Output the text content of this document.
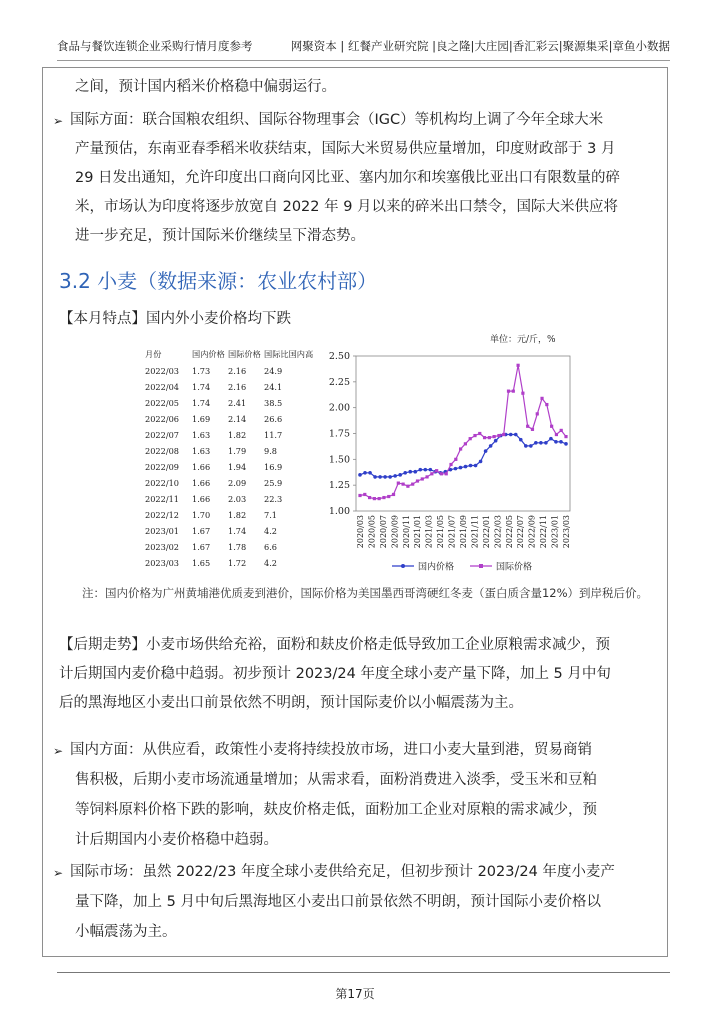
食品与餐饮连锁企业采购行情月度参考	网聚资本 | 红餐产业研究院 |良之隆|大庄园|香汇彩云|聚源集采|章鱼小数据
之间，预计国内稻米价格稳中偏弱运行。
➢ 国际方面：联合国粮农组织、国际谷物理事会（IGC）等机构均上调了今年全球大米
产量预估，东南亚春季稻米收获结束，国际大米贸易供应量增加，印度财政部于 3 月
29 日发出通知，允许印度出口商向冈比亚、塞内加尔和埃塞俄比亚出口有限数量的碎
米，市场认为印度将逐步放宽自 2022 年 9 月以来的碎米出口禁令，国际大米供应将
进一步充足，预计国际米价继续呈下滑态势。
3.2 小麦（数据来源：农业农村部）
【本月特点】国内外小麦价格均下跌
月份	国内价格	国际价格	国际比国内高
2022/03	1.73	2.16	24.9
2022/04	1.74	2.16	24.1
2022/05	1.74	2.41	38.5
2022/06	1.69	2.14	26.6
2022/07	1.63	1.82	11.7
2022/08	1.63	1.79	9.8
2022/09	1.66	1.94	16.9
2022/10	1.66	2.09	25.9
2022/11	1.66	2.03	22.3
2022/12	1.70	1.82	7.1
2023/01	1.67	1.74	4.2
2023/02	1.67	1.78	6.6
2023/03	1.65	1.72	4.2
单位：元/斤，%
2.50
2.25
2.00
1.75
1.50
1.25
1.00
2020/03 2020/05 2020/07 2020/09 2020/11 2021/01 2021/03 2021/05 2021/07 2021/09 2021/11 2022/01 2022/03 2022/05 2022/07 2022/09 2022/11 2023/01 2023/03
国内价格	国际价格
注：国内价格为广州黄埔港优质麦到港价，国际价格为美国墨西哥湾硬红冬麦（蛋白质含量12%）到岸税后价。
【后期走势】小麦市场供给充裕，面粉和麸皮价格走低导致加工企业原粮需求减少，预
计后期国内麦价稳中趋弱。初步预计 2023/24 年度全球小麦产量下降，加上 5 月中旬
后的黑海地区小麦出口前景依然不明朗，预计国际麦价以小幅震荡为主。
➢ 国内方面：从供应看，政策性小麦将持续投放市场，进口小麦大量到港，贸易商销
售积极，后期小麦市场流通量增加；从需求看，面粉消费进入淡季，受玉米和豆粕
等饲料原料价格下跌的影响，麸皮价格走低，面粉加工企业对原粮的需求减少，预
计后期国内小麦价格稳中趋弱。
➢ 国际市场：虽然 2022/23 年度全球小麦供给充足，但初步预计 2023/24 年度小麦产
量下降，加上 5 月中旬后黑海地区小麦出口前景依然不明朗，预计国际小麦价格以
小幅震荡为主。
第17页
